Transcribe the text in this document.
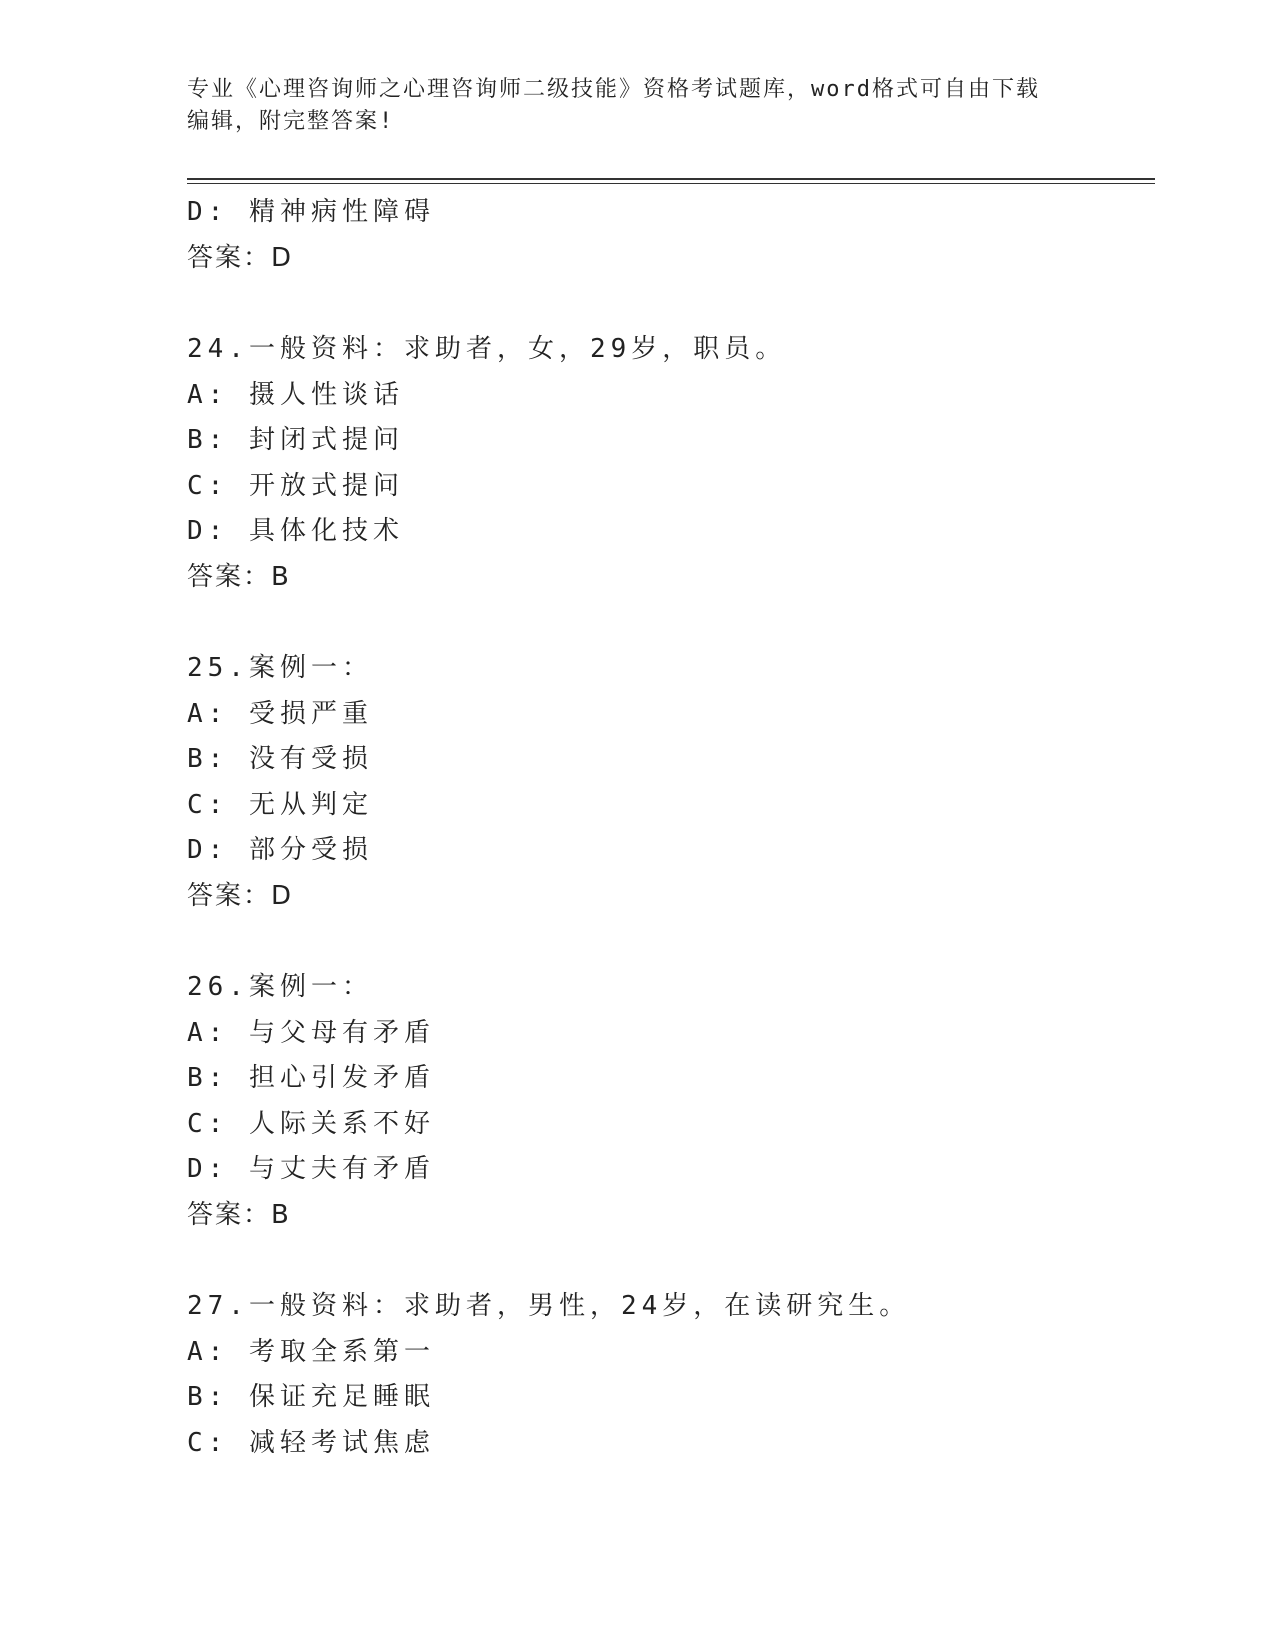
专业《心理咨询师之心理咨询师二级技能》资格考试题库，word格式可自由下载
编辑，附完整答案!
D: 精神病性障碍
答案：D
24.一般资料：求助者，女，29岁，职员。
A: 摄人性谈话
B: 封闭式提问
C: 开放式提问
D: 具体化技术
答案：B
25.案例一：
A: 受损严重
B: 没有受损
C: 无从判定
D: 部分受损
答案：D
26.案例一：
A: 与父母有矛盾
B: 担心引发矛盾
C: 人际关系不好
D: 与丈夫有矛盾
答案：B
27.一般资料：求助者，男性，24岁，在读研究生。
A: 考取全系第一
B: 保证充足睡眠
C: 减轻考试焦虑
